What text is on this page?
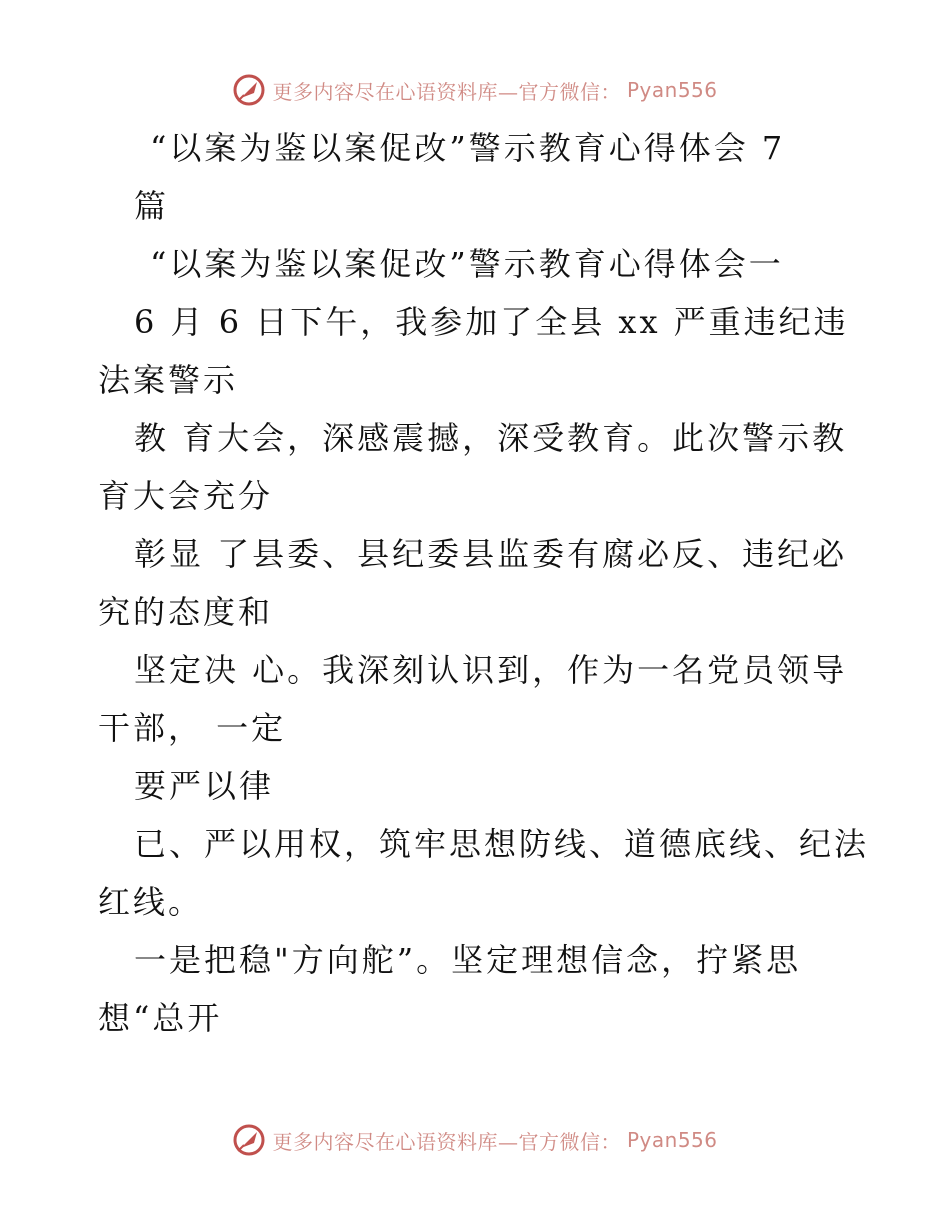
更多内容尽在心语资料库—官方微信： Pyan556
“以案为鉴以案促改”警示教育心得体会 7
篇
“以案为鉴以案促改”警示教育心得体会一
6 月 6 日下午，我参加了全县 xx 严重违纪违
法案警示
教 育大会，深感震撼，深受教育。此次警示教
育大会充分
彰显 了县委、县纪委县监委有腐必反、违纪必
究的态度和
坚定决 心。我深刻认识到，作为一名党员领导
干部， 一定
要严以律
已、严以用权，筑牢思想防线、道德底线、纪法
红线。
一是把稳"方向舵”。坚定理想信念，拧紧思
想“总开
更多内容尽在心语资料库—官方微信： Pyan556
